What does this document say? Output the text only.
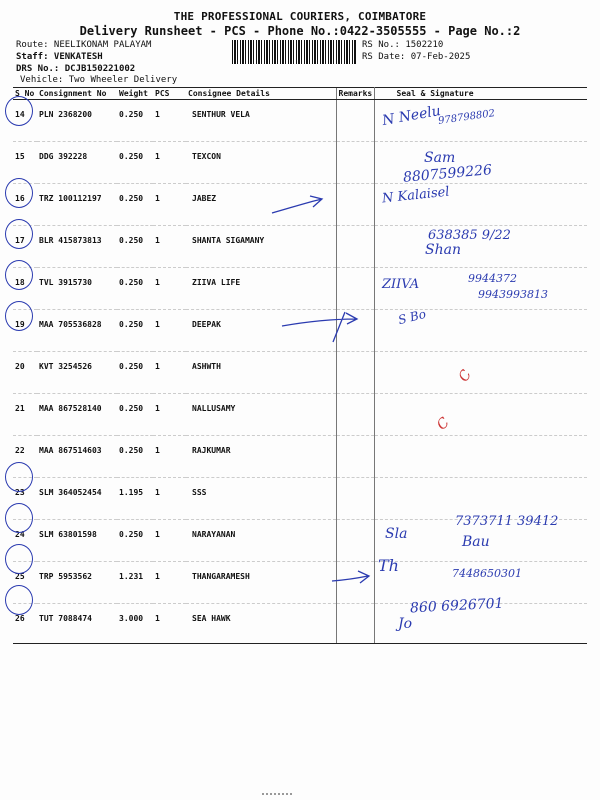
THE PROFESSIONAL COURIERS, COIMBATORE
Delivery Runsheet - PCS - Phone No.:0422-3505555 - Page No.:2
Route: NEELIKONAM PALAYAM
Staff: VENKATESH
DRS No.: DCJB150221002
Vehicle: Two Wheeler Delivery
RS No.: 1502210
RS Date: 07-Feb-2025
S No	Consignment No	Weight	PCS	Consignee Details	Remarks	Seal & Signature
14	PLN 2368200	0.250	1	SENTHUR VELA		
15	DDG 392228	0.250	1	TEXCON		
16	TRZ 100112197	0.250	1	JABEZ		
17	BLR 415873813	0.250	1	SHANTA SIGAMANY		
18	TVL 3915730	0.250	1	ZIIVA LIFE		
19	MAA 705536828	0.250	1	DEEPAK		
20	KVT 3254526	0.250	1	ASHWTH		
21	MAA 867528140	0.250	1	NALLUSAMY		
22	MAA 867514603	0.250	1	RAJKUMAR		
23	SLM 364052454	1.195	1	SSS		
24	SLM 63801598	0.250	1	NARAYANAN		
25	TRP 5953562	1.231	1	THANGARAMESH		
26	TUT 7088474	3.000	1	SEA HAWK		
N Neelu
978798802
Sam
8807599226
N Kalaisel
638385 9/22
Shan
ZIIVA	9944372
9943993813
S Bo
C
C
7373711 39412
Sla	Bau
Th	7448650301
860 6926701
Jo
